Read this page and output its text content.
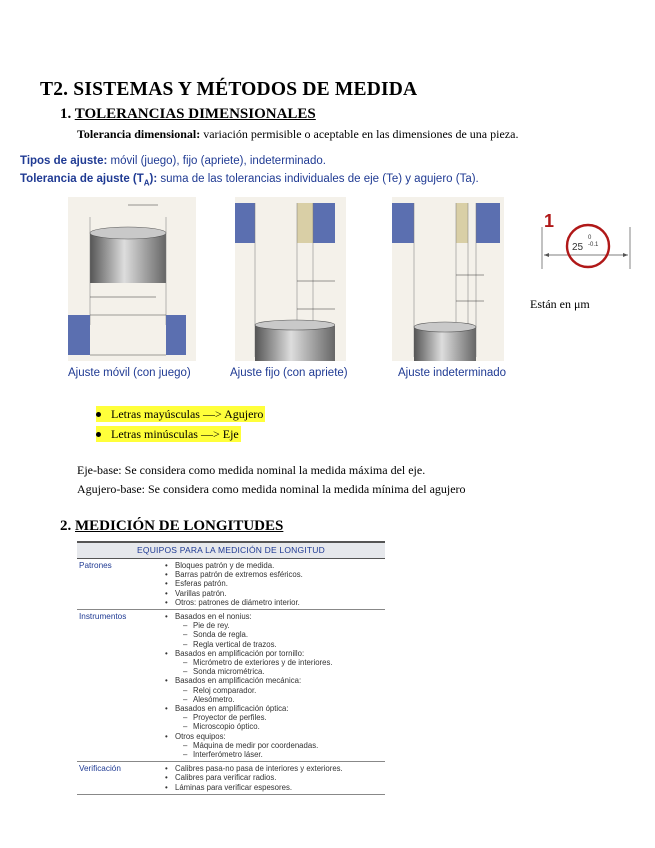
T2. SISTEMAS Y MÉTODOS DE MEDIDA
1. TOLERANCIAS DIMENSIONALES
Tolerancia dimensional: variación permisible o aceptable en las dimensiones de una pieza.
Tipos de ajuste: móvil (juego), fijo (apriete), indeterminado.
Tolerancia de ajuste $(T_A)$: suma de las tolerancias individuales de eje (Te) y agujero (Ta).
Ajuste móvil (con juego)	Ajuste fijo (con apriete)	Ajuste indeterminado
1
25
0
-0.1
Están en μm
Letras mayúsculas —> Agujero
Letras minúsculas —> Eje
Eje-base: Se considera como medida nominal la medida máxima del eje.
Agujero-base: Se considera como medida nominal la medida mínima del agujero
2. MEDICIÓN DE LONGITUDES
EQUIPOS PARA LA MEDICIÓN DE LONGITUD
Patrones	• Bloques patrón y de medida.
• Barras patrón de extremos esféricos.
• Esferas patrón.
• Varillas patrón.
• Otros: patrones de diámetro interior.
Instrumentos	• Basados en el nonius:
– Pie de rey.
– Sonda de regla.
– Regla vertical de trazos.
• Basados en amplificación por tornillo:
– Micrómetro de exteriores y de interiores.
– Sonda micrométrica.
• Basados en amplificación mecánica:
– Reloj comparador.
– Alesómetro.
• Basados en amplificación óptica:
– Proyector de perfiles.
– Microscopio óptico.
• Otros equipos:
– Máquina de medir por coordenadas.
– Interferómetro láser.
Verificación	• Calibres pasa-no pasa de interiores y exteriores.
• Calibres para verificar radios.
• Láminas para verificar espesores.
